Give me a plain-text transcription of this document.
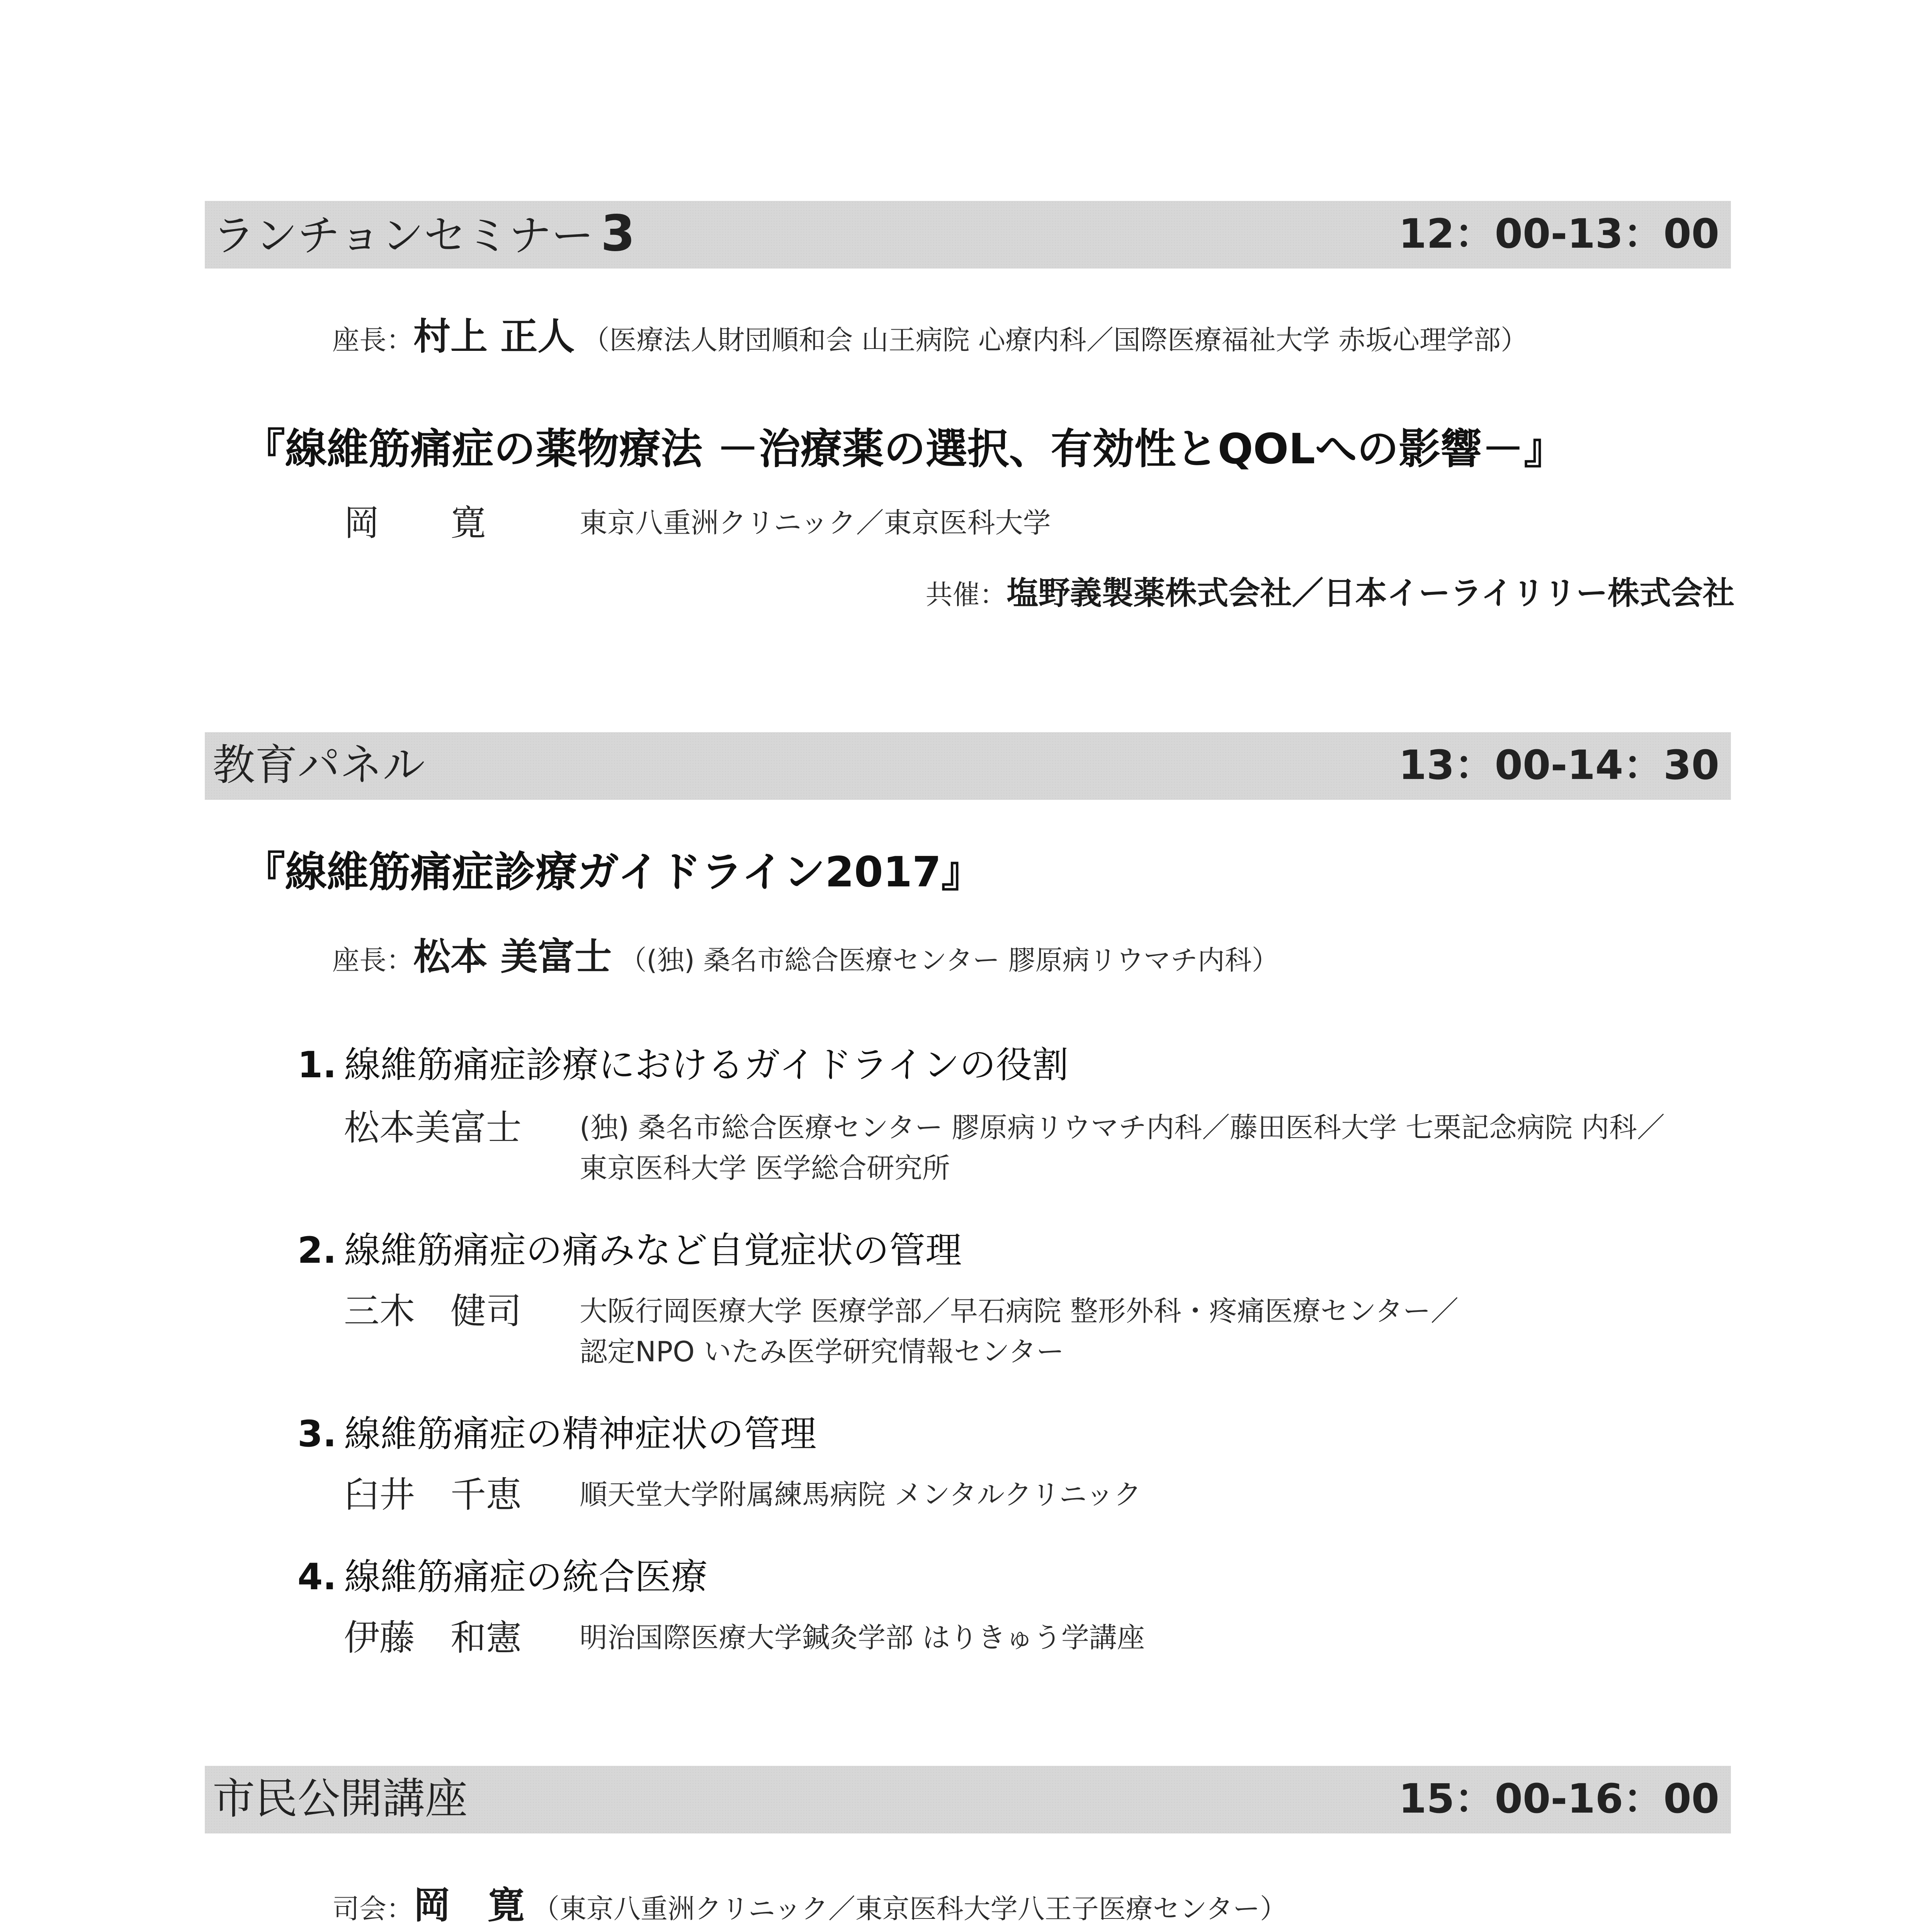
ランチョンセミナー 3	12：00-13：00
座長：村上 正人 （医療法人財団順和会 山王病院 心療内科／国際医療福祉大学 赤坂心理学部）
『線維筋痛症の薬物療法 －治療薬の選択、有効性とQOLへの影響－』
岡　　寛	東京八重洲クリニック／東京医科大学
共催：塩野義製薬株式会社／日本イーライリリー株式会社
教育パネル	13：00-14：30
『線維筋痛症診療ガイドライン2017』
座長：松本 美富士 （(独) 桑名市総合医療センター 膠原病リウマチ内科）
1. 線維筋痛症診療におけるガイドラインの役割
松本美富士 (独) 桑名市総合医療センター 膠原病リウマチ内科／藤田医科大学 七栗記念病院 内科／
東京医科大学 医学総合研究所
2. 線維筋痛症の痛みなど自覚症状の管理
三木　健司 大阪行岡医療大学 医療学部／早石病院 整形外科・疼痛医療センター／
認定NPO いたみ医学研究情報センター
3. 線維筋痛症の精神症状の管理
臼井　千恵 順天堂大学附属練馬病院 メンタルクリニック
4. 線維筋痛症の統合医療
伊藤　和憲 明治国際医療大学鍼灸学部 はりきゅう学講座
市民公開講座	15：00-16：00
司会：岡　寛 （東京八重洲クリニック／東京医科大学八王子医療センター）
